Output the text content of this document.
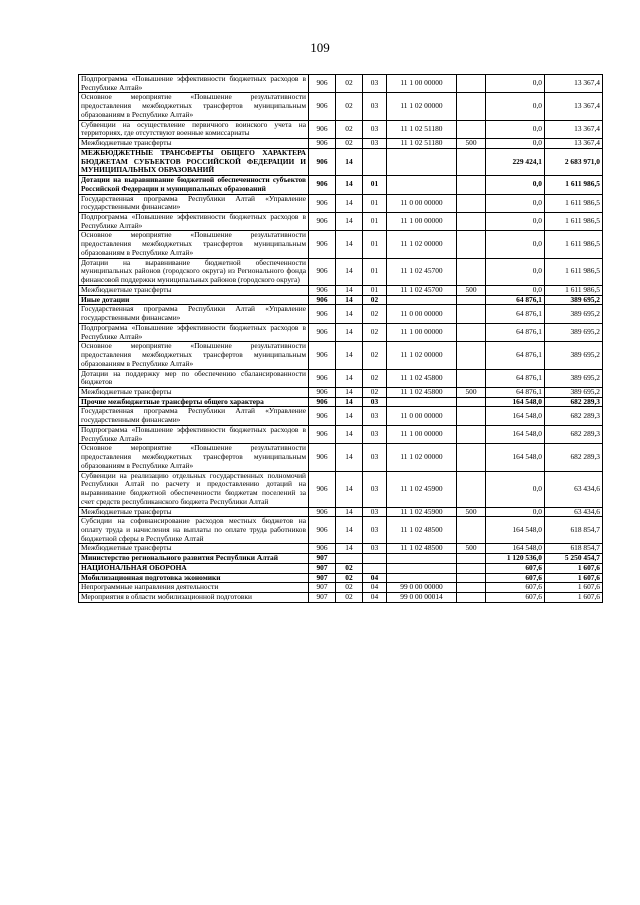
109
Подпрограмма «Повышение эффективности бюджетных расходов в Республике Алтай»	906	02	03	11 1 00 00000		0,0	13 367,4
Основное мероприятие «Повышение результативности предоставления межбюджетных трансфертов муниципальным образованиям в Республике Алтай»	906	02	03	11 1 02 00000		0,0	13 367,4
Субвенции на осуществление первичного воинского учета на территориях, где отсутствуют военные комиссариаты	906	02	03	11 1 02 51180		0,0	13 367,4
Межбюджетные трансферты	906	02	03	11 1 02 51180	500	0,0	13 367,4
МЕЖБЮДЖЕТНЫЕ ТРАНСФЕРТЫ ОБЩЕГО ХАРАКТЕРА БЮДЖЕТАМ СУБЪЕКТОВ РОССИЙСКОЙ ФЕДЕРАЦИИ И МУНИЦИПАЛЬНЫХ ОБРАЗОВАНИЙ	906	14				229 424,1	2 683 971,0
Дотации на выравнивание бюджетной обеспеченности субъектов Российской Федерации и муниципальных образований	906	14	01			0,0	1 611 986,5
Государственная программа Республики Алтай «Управление государственными финансами»	906	14	01	11 0 00 00000		0,0	1 611 986,5
Подпрограмма «Повышение эффективности бюджетных расходов в Республике Алтай»	906	14	01	11 1 00 00000		0,0	1 611 986,5
Основное мероприятие «Повышение результативности предоставления межбюджетных трансфертов муниципальным образованиям в Республике Алтай»	906	14	01	11 1 02 00000		0,0	1 611 986,5
Дотации на выравнивание бюджетной обеспеченности муниципальных районов (городского округа) из Регионального фонда финансовой поддержки муниципальных районов (городского округа)	906	14	01	11 1 02 45700		0,0	1 611 986,5
Межбюджетные трансферты	906	14	01	11 1 02 45700	500	0,0	1 611 986,5
Иные дотации	906	14	02			64 876,1	389 695,2
Государственная программа Республики Алтай «Управление государственными финансами»	906	14	02	11 0 00 00000		64 876,1	389 695,2
Подпрограмма «Повышение эффективности бюджетных расходов в Республике Алтай»	906	14	02	11 1 00 00000		64 876,1	389 695,2
Основное мероприятие «Повышение результативности предоставления межбюджетных трансфертов муниципальным образованиям в Республике Алтай»	906	14	02	11 1 02 00000		64 876,1	389 695,2
Дотации на поддержку мер по обеспечению сбалансированности бюджетов	906	14	02	11 1 02 45800		64 876,1	389 695,2
Межбюджетные трансферты	906	14	02	11 1 02 45800	500	64 876,1	389 695,2
Прочие межбюджетные трансферты общего характера	906	14	03			164 548,0	682 289,3
Государственная программа Республики Алтай «Управление государственными финансами»	906	14	03	11 0 00 00000		164 548,0	682 289,3
Подпрограмма «Повышение эффективности бюджетных расходов в Республике Алтай»	906	14	03	11 1 00 00000		164 548,0	682 289,3
Основное мероприятие «Повышение результативности предоставления межбюджетных трансфертов муниципальным образованиям в Республике Алтай»	906	14	03	11 1 02 00000		164 548,0	682 289,3
Субвенции на реализацию отдельных государственных полномочий Республики Алтай по расчету и предоставлению дотаций на выравнивание бюджетной обеспеченности бюджетам поселений за счет средств республиканского бюджета Республики Алтай	906	14	03	11 1 02 45900		0,0	63 434,6
Межбюджетные трансферты	906	14	03	11 1 02 45900	500	0,0	63 434,6
Субсидии на софинансирование расходов местных бюджетов на оплату труда и начисления на выплаты по оплате труда работников бюджетной сферы в Республике Алтай	906	14	03	11 1 02 48500		164 548,0	618 854,7
Межбюджетные трансферты	906	14	03	11 1 02 48500	500	164 548,0	618 854,7
Министерство регионального развития Республики Алтай	907					1 120 536,0	5 250 454,7
НАЦИОНАЛЬНАЯ ОБОРОНА	907	02				607,6	1 607,6
Мобилизационная подготовка экономики	907	02	04			607,6	1 607,6
Непрограммные направления деятельности	907	02	04	99 0 00 00000		607,6	1 607,6
Мероприятия в области мобилизационной подготовки	907	02	04	99 0 00 00014		607,6	1 607,6
